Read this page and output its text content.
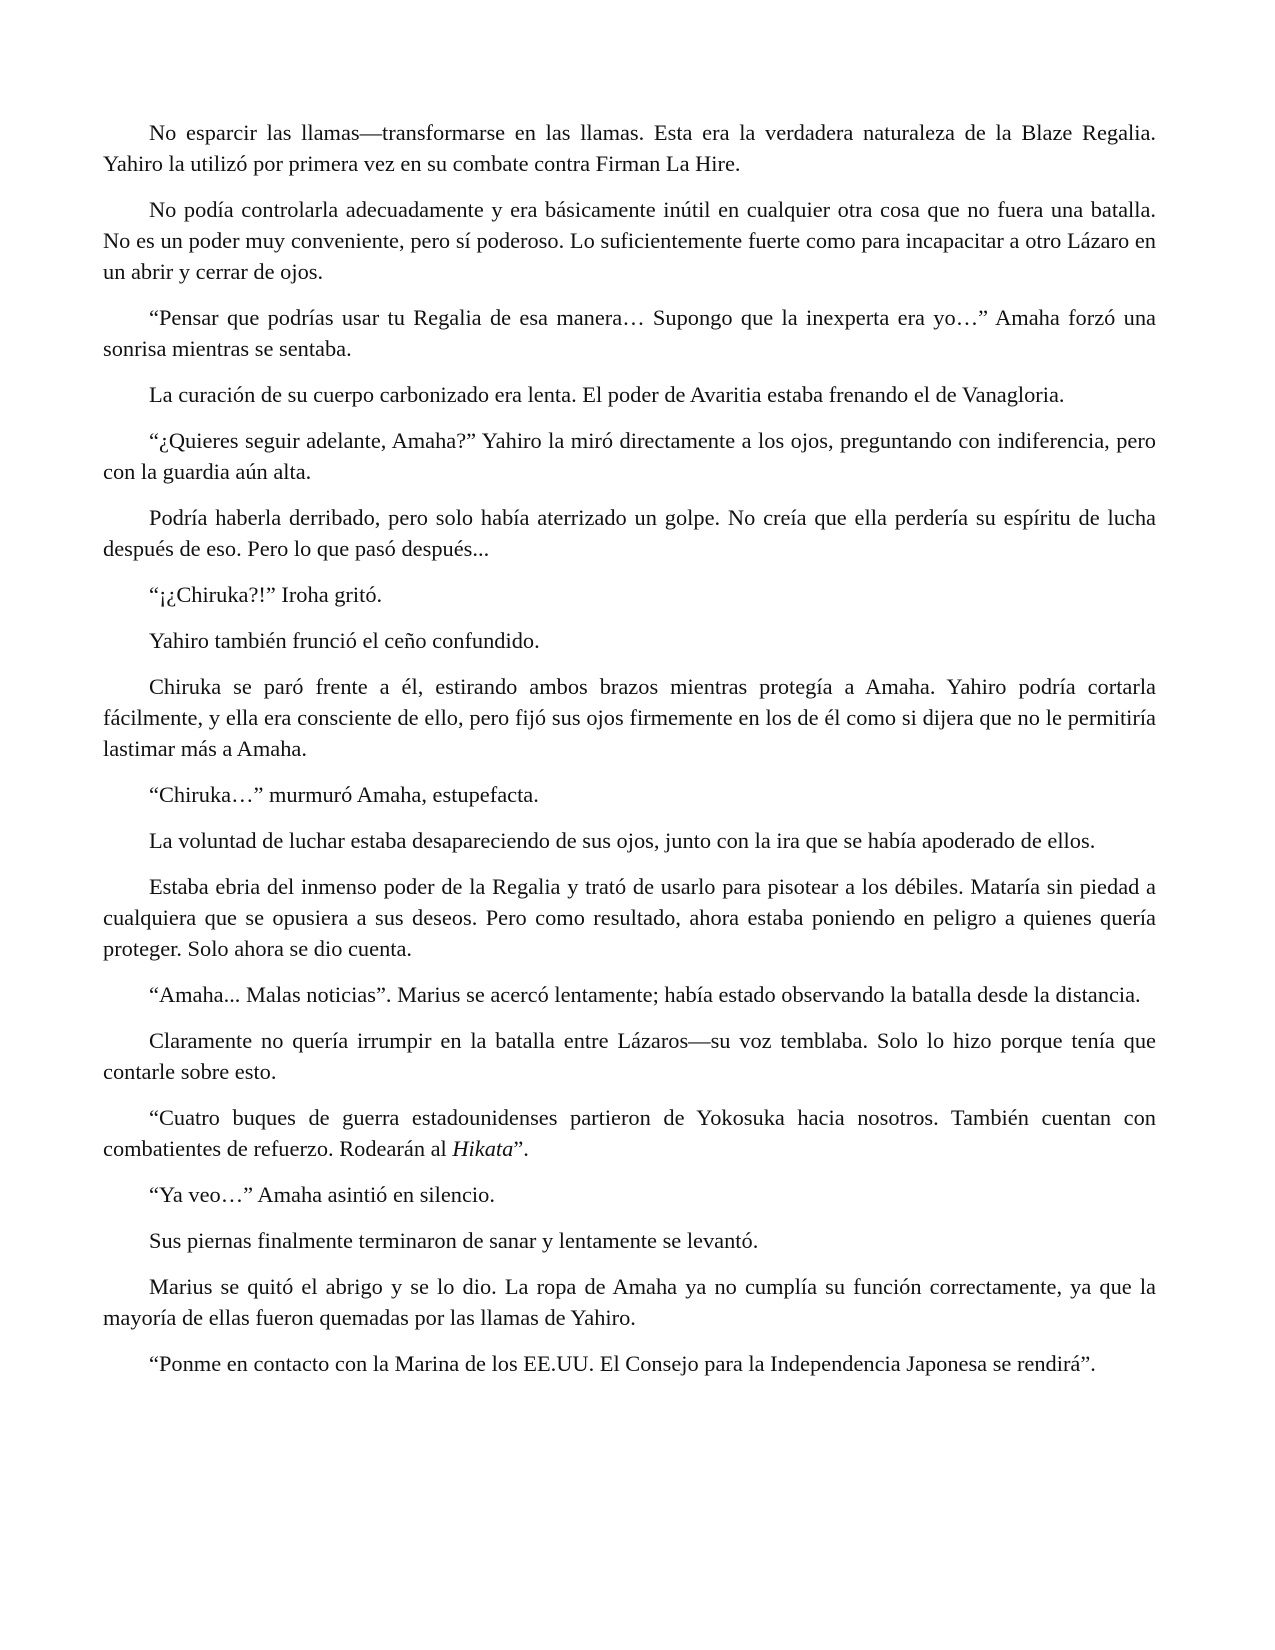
No esparcir las llamas—transformarse en las llamas. Esta era la verdadera naturaleza de la Blaze Regalia. Yahiro la utilizó por primera vez en su combate contra Firman La Hire.

No podía controlarla adecuadamente y era básicamente inútil en cualquier otra cosa que no fuera una batalla. No es un poder muy conveniente, pero sí poderoso. Lo suficientemente fuerte como para incapacitar a otro Lázaro en un abrir y cerrar de ojos.

“Pensar que podrías usar tu Regalia de esa manera… Supongo que la inexperta era yo…” Amaha forzó una sonrisa mientras se sentaba.

La curación de su cuerpo carbonizado era lenta. El poder de Avaritia estaba frenando el de Vanagloria.

“¿Quieres seguir adelante, Amaha?” Yahiro la miró directamente a los ojos, preguntando con indiferencia, pero con la guardia aún alta.

Podría haberla derribado, pero solo había aterrizado un golpe. No creía que ella perdería su espíritu de lucha después de eso. Pero lo que pasó después...

“¡¿Chiruka?!” Iroha gritó.

Yahiro también frunció el ceño confundido.

Chiruka se paró frente a él, estirando ambos brazos mientras protegía a Amaha. Yahiro podría cortarla fácilmente, y ella era consciente de ello, pero fijó sus ojos firmemente en los de él como si dijera que no le permitiría lastimar más a Amaha.

“Chiruka…” murmuró Amaha, estupefacta.

La voluntad de luchar estaba desapareciendo de sus ojos, junto con la ira que se había apoderado de ellos.

Estaba ebria del inmenso poder de la Regalia y trató de usarlo para pisotear a los débiles. Mataría sin piedad a cualquiera que se opusiera a sus deseos. Pero como resultado, ahora estaba poniendo en peligro a quienes quería proteger. Solo ahora se dio cuenta.

“Amaha... Malas noticias”. Marius se acercó lentamente; había estado observando la batalla desde la distancia.

Claramente no quería irrumpir en la batalla entre Lázaros—su voz temblaba. Solo lo hizo porque tenía que contarle sobre esto.

“Cuatro buques de guerra estadounidenses partieron de Yokosuka hacia nosotros. También cuentan con combatientes de refuerzo. Rodearán al Hikata”.

“Ya veo…” Amaha asintió en silencio.

Sus piernas finalmente terminaron de sanar y lentamente se levantó.

Marius se quitó el abrigo y se lo dio. La ropa de Amaha ya no cumplía su función correctamente, ya que la mayoría de ellas fueron quemadas por las llamas de Yahiro.

“Ponme en contacto con la Marina de los EE.UU. El Consejo para la Independencia Japonesa se rendirá”.
